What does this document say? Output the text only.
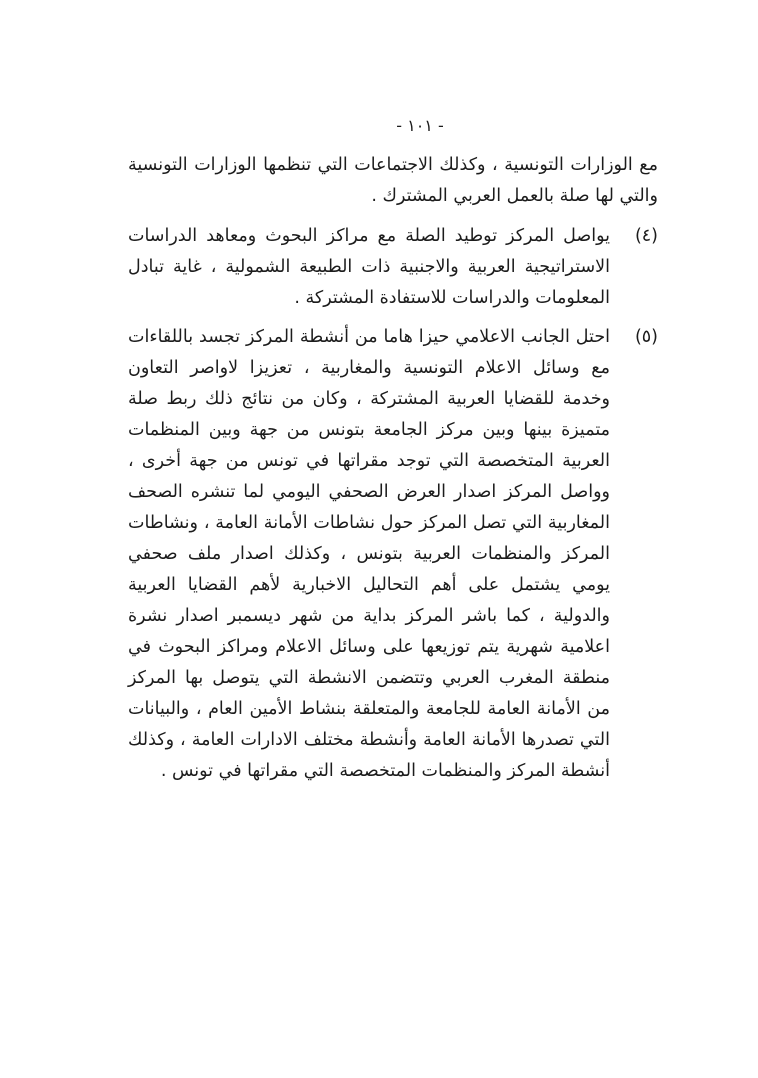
- ١٠١ -

مع الوزارات التونسية ، وكذلك الاجتماعات التي تنظمها الوزارات التونسية والتي لها صلة بالعمل العربي المشترك .

(٤)

يواصل المركز توطيد الصلة مع مراكز البحوث ومعاهد الدراسات الاستراتيجية العربية والاجنبية ذات الطبيعة الشمولية ، غاية تبادل المعلومات والدراسات للاستفادة المشتركة .

(٥)

احتل الجانب الاعلامي حيزا هاما من أنشطة المركز تجسد باللقاءات مع وسائل الاعلام التونسية والمغاربية ، تعزيزا لاواصر التعاون وخدمة للقضايا العربية المشتركة ، وكان من نتائج ذلك ربط صلة متميزة بينها وبين مركز الجامعة بتونس من جهة وبين المنظمات العربية المتخصصة التي توجد مقراتها في تونس من جهة أخرى ، وواصل المركز اصدار العرض الصحفي اليومي لما تنشره الصحف المغاربية التي تصل المركز حول نشاطات الأمانة العامة ، ونشاطات المركز والمنظمات العربية بتونس ، وكذلك اصدار ملف صحفي يومي يشتمل على أهم التحاليل الاخبارية لأهم القضايا العربية والدولية ، كما باشر المركز بداية من شهر ديسمبر اصدار نشرة اعلامية شهرية يتم توزيعها على وسائل الاعلام ومراكز البحوث في منطقة المغرب العربي وتتضمن الانشطة التي يتوصل بها المركز من الأمانة العامة للجامعة والمتعلقة بنشاط الأمين العام ، والبيانات التي تصدرها الأمانة العامة وأنشطة مختلف الادارات العامة ، وكذلك أنشطة المركز والمنظمات المتخصصة التي مقراتها في تونس .
